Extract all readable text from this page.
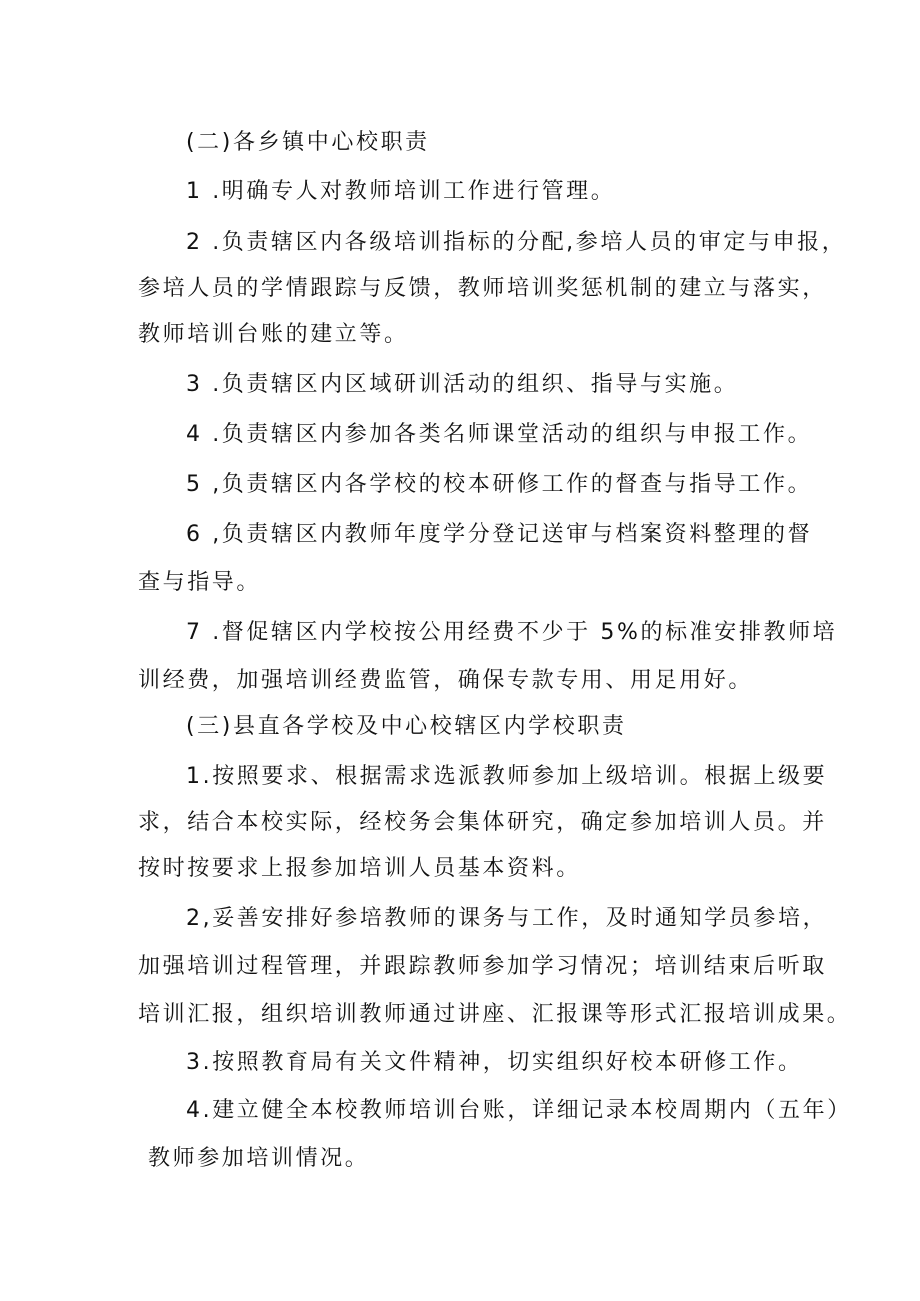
(二)各乡镇中心校职责
1 .明确专人对教师培训工作进行管理。
2 .负责辖区内各级培训指标的分配,参培人员的审定与申报，
参培人员的学情跟踪与反馈，教师培训奖惩机制的建立与落实，
教师培训台账的建立等。
3 .负责辖区内区域研训活动的组织、指导与实施。
4 .负责辖区内参加各类名师课堂活动的组织与申报工作。
5 ,负责辖区内各学校的校本研修工作的督查与指导工作。
6 ,负责辖区内教师年度学分登记送审与档案资料整理的督
查与指导。
7 .督促辖区内学校按公用经费不少于 5%的标准安排教师培
训经费，加强培训经费监管，确保专款专用、用足用好。
(三)县直各学校及中心校辖区内学校职责
1.按照要求、根据需求选派教师参加上级培训。根据上级要
求，结合本校实际，经校务会集体研究，确定参加培训人员。并
按时按要求上报参加培训人员基本资料。
2,妥善安排好参培教师的课务与工作，及时通知学员参培，
加强培训过程管理，并跟踪教师参加学习情况；培训结束后听取
培训汇报，组织培训教师通过讲座、汇报课等形式汇报培训成果。
3.按照教育局有关文件精神，切实组织好校本研修工作。
4.建立健全本校教师培训台账，详细记录本校周期内（五年）
教师参加培训情况。
